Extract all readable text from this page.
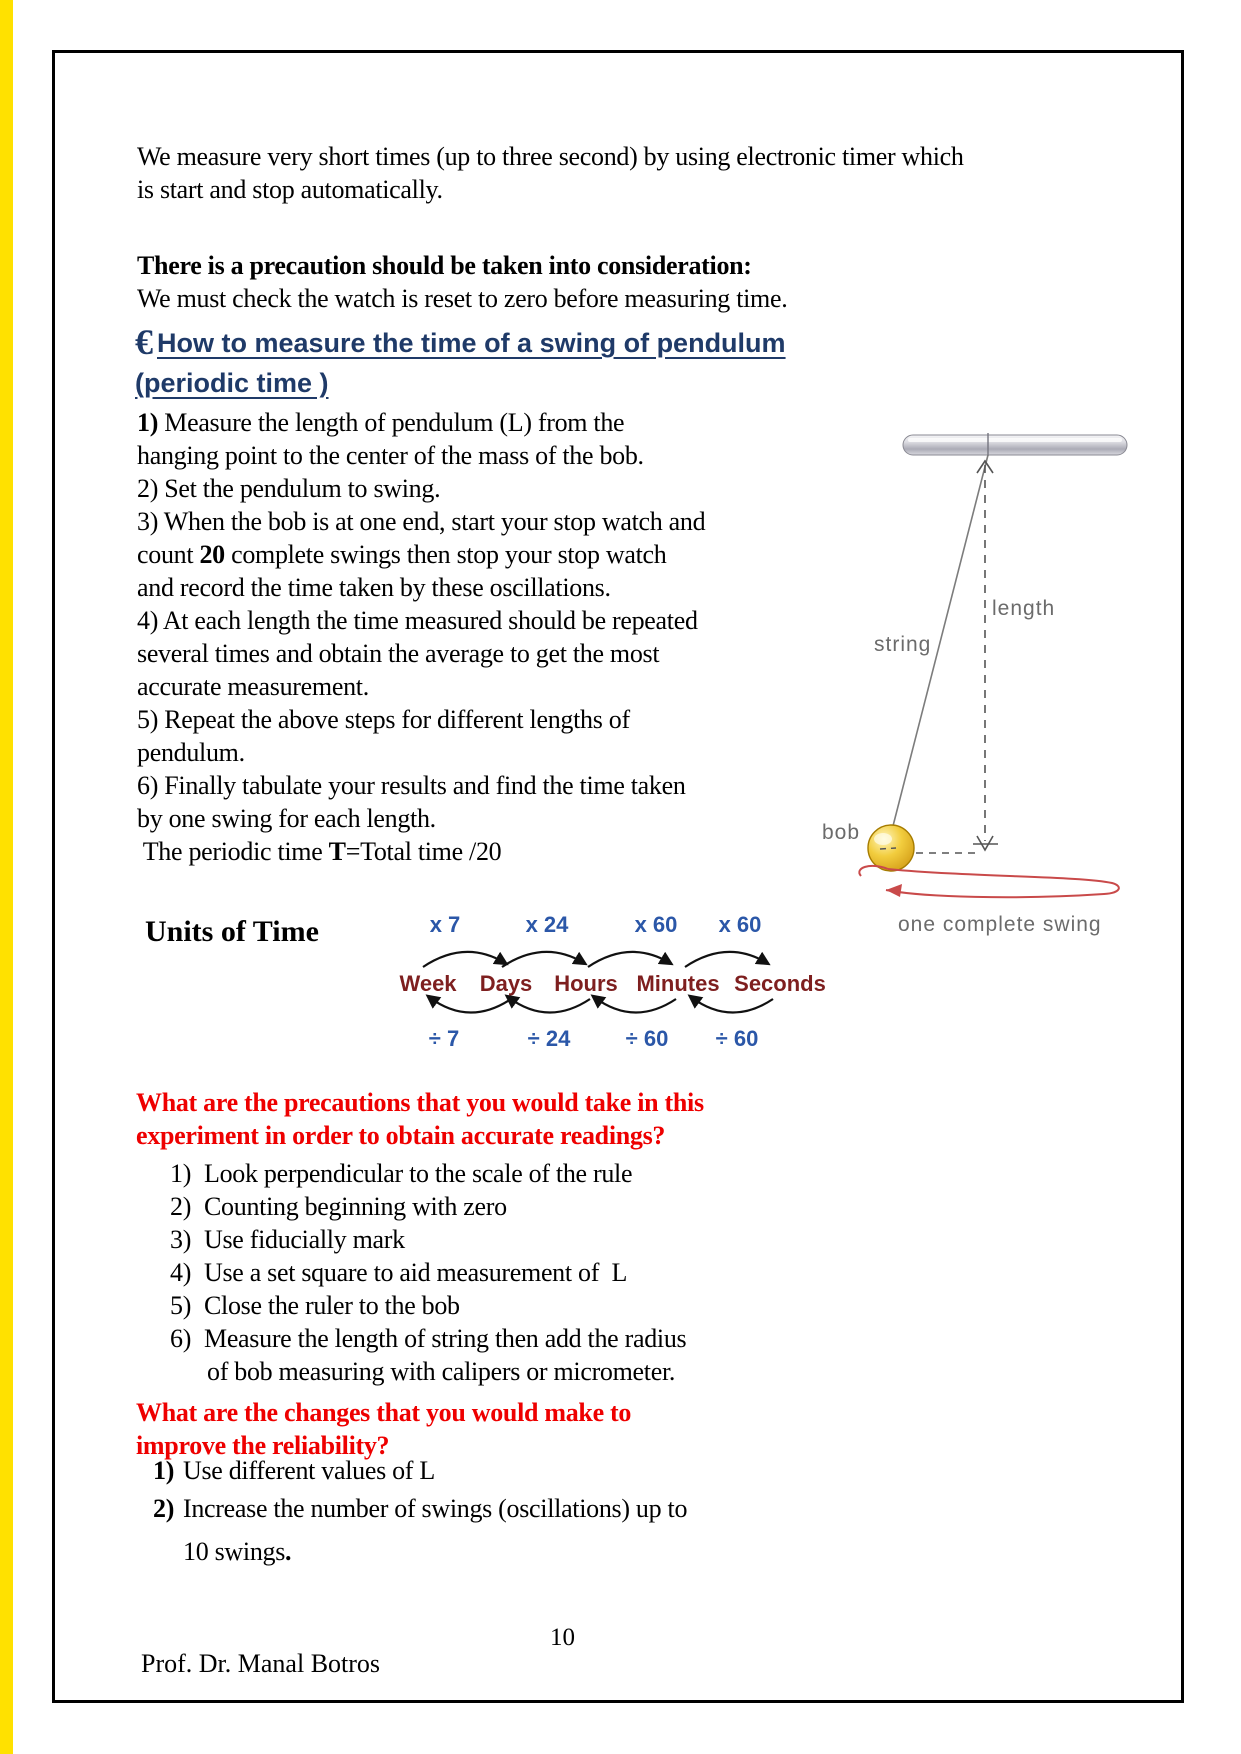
We measure very short times (up to three second) by using electronic timer which
is start and stop automatically.
There is a precaution should be taken into consideration:
We must check the watch is reset to zero before measuring time.
€ How to measure the time of a swing of pendulum
(periodic time )
1) Measure the length of pendulum (L) from the
hanging point to the center of the mass of the bob.
2) Set the pendulum to swing.
3) When the bob is at one end, start your stop watch and
count 20 complete swings then stop your stop watch
and record the time taken by these oscillations.
4) At each length the time measured should be repeated
several times and obtain the average to get the most
accurate measurement.
5) Repeat the above steps for different lengths of
pendulum.
6) Finally tabulate your results and find the time taken
by one swing for each length.
The periodic time T=Total time /20
length
string
bob
one complete swing
Units of Time	x 7	x 24	x 60 x 60
Week Days Hours Minutes Seconds
÷ 7	÷ 24	÷ 60 ÷ 60
What are the precautions that you would take in this
experiment in order to obtain accurate readings?
1) Look perpendicular to the scale of the rule
2) Counting beginning with zero
3) Use fiducially mark
4) Use a set square to aid measurement of  L
5) Close the ruler to the bob
6) Measure the length of string then add the radius
of bob measuring with calipers or micrometer.
What are the changes that you would make to
improve the reliability?
1) Use different values of L
2) Increase the number of swings (oscillations) up to
10 swings.
10
Prof. Dr. Manal Botros
